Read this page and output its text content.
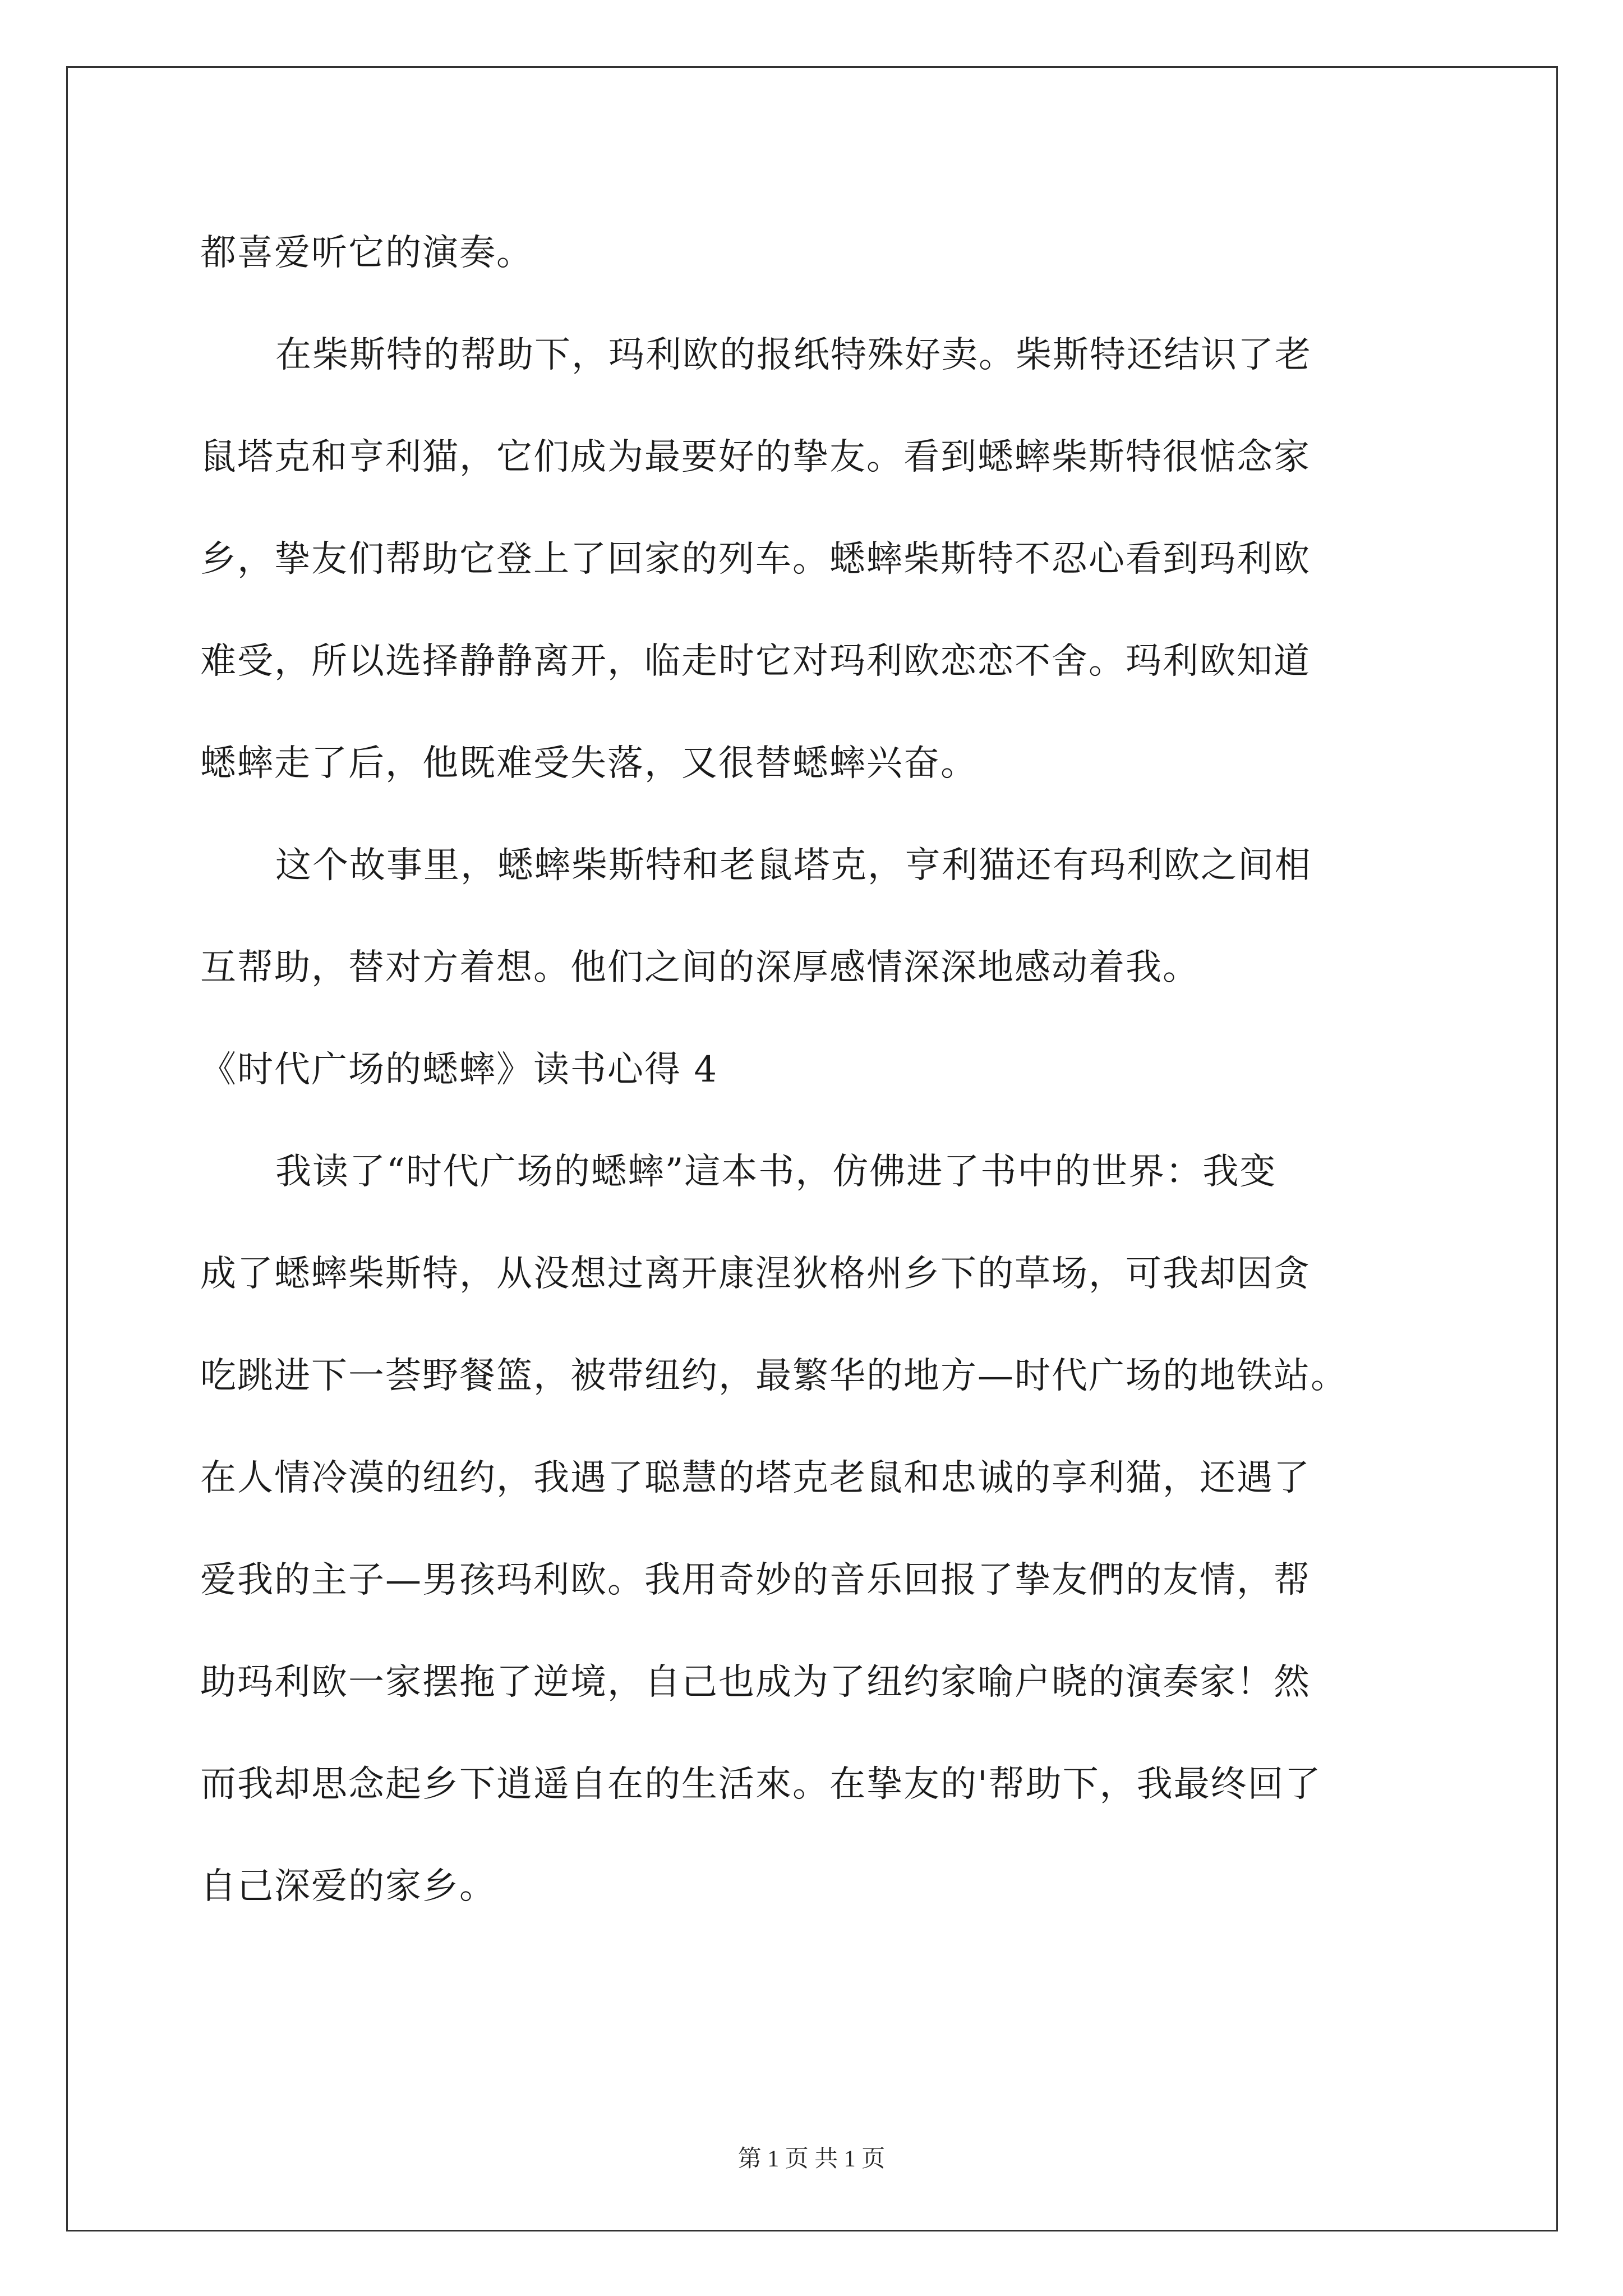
都喜爱听它的演奏。
在柴斯特的帮助下，玛利欧的报纸特殊好卖。柴斯特还结识了老
鼠塔克和亨利猫，它们成为最要好的挚友。看到蟋蟀柴斯特很惦念家
乡，挚友们帮助它登上了回家的列车。蟋蟀柴斯特不忍心看到玛利欧
难受，所以选择静静离开，临走时它对玛利欧恋恋不舍。玛利欧知道
蟋蟀走了后，他既难受失落，又很替蟋蟀兴奋。
这个故事里，蟋蟀柴斯特和老鼠塔克，亨利猫还有玛利欧之间相
互帮助，替对方着想。他们之间的深厚感情深深地感动着我。
《时代广场的蟋蟀》读书心得 4
我读了“时代广场的蟋蟀”這本书，仿佛进了书中的世界：我变
成了蟋蟀柴斯特，从没想过离开康涅狄格州乡下的草场，可我却因贪
吃跳进下一荟野餐篮，被带纽约，最繁华的地方—时代广场的地铁站。
在人情冷漠的纽约，我遇了聪慧的塔克老鼠和忠诚的享利猫，还遇了
爱我的主子—男孩玛利欧。我用奇妙的音乐回报了挚友們的友情，帮
助玛利欧一家摆拖了逆境，自己也成为了纽约家喻户晓的演奏家！然
而我却思念起乡下逍遥自在的生活來。在挚友的'帮助下，我最终回了
自己深爱的家乡。
第 1 页 共 1 页
